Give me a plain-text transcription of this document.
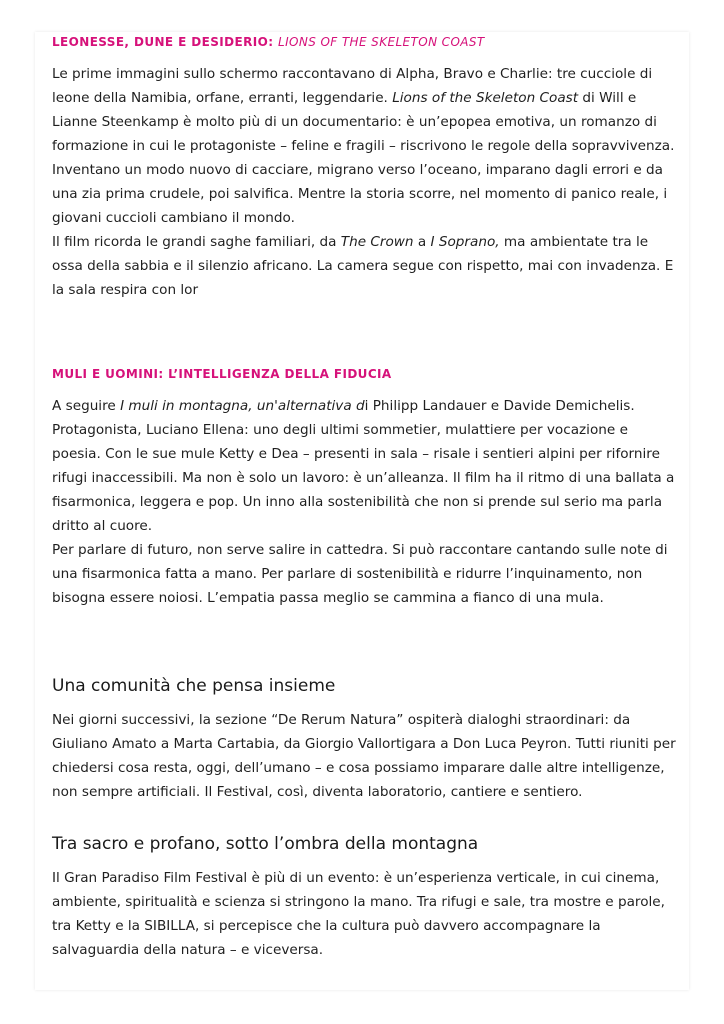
LEONESSE, DUNE E DESIDERIO: LIONS OF THE SKELETON COAST

Le prime immagini sullo schermo raccontavano di Alpha, Bravo e Charlie: tre cucciole di leone della Namibia, orfane, erranti, leggendarie. Lions of the Skeleton Coast di Will e Lianne Steenkamp è molto più di un documentario: è un’epopea emotiva, un romanzo di formazione in cui le protagoniste – feline e fragili – riscrivono le regole della sopravvivenza. Inventano un modo nuovo di cacciare, migrano verso l’oceano, imparano dagli errori e da una zia prima crudele, poi salvifica. Mentre la storia scorre, nel momento di panico reale, i giovani cuccioli cambiano il mondo.

Il film ricorda le grandi saghe familiari, da The Crown a I Soprano, ma ambientate tra le ossa della sabbia e il silenzio africano. La camera segue con rispetto, mai con invadenza. E la sala respira con lor

MULI E UOMINI: L’INTELLIGENZA DELLA FIDUCIA

A seguire I muli in montagna, un'alternativa di Philipp Landauer e Davide Demichelis. Protagonista, Luciano Ellena: uno degli ultimi sommetier, mulattiere per vocazione e poesia. Con le sue mule Ketty e Dea – presenti in sala – risale i sentieri alpini per rifornire rifugi inaccessibili. Ma non è solo un lavoro: è un’alleanza. Il film ha il ritmo di una ballata a fisarmonica, leggera e pop. Un inno alla sostenibilità che non si prende sul serio ma parla dritto al cuore.

Per parlare di futuro, non serve salire in cattedra. Si può raccontare cantando sulle note di una fisarmonica fatta a mano. Per parlare di sostenibilità e ridurre l’inquinamento, non bisogna essere noiosi. L’empatia passa meglio se cammina a fianco di una mula.

Una comunità che pensa insieme

Nei giorni successivi, la sezione “De Rerum Natura” ospiterà dialoghi straordinari: da Giuliano Amato a Marta Cartabia, da Giorgio Vallortigara a Don Luca Peyron. Tutti riuniti per chiedersi cosa resta, oggi, dell’umano – e cosa possiamo imparare dalle altre intelligenze, non sempre artificiali. Il Festival, così, diventa laboratorio, cantiere e sentiero.

Tra sacro e profano, sotto l’ombra della montagna

Il Gran Paradiso Film Festival è più di un evento: è un’esperienza verticale, in cui cinema, ambiente, spiritualità e scienza si stringono la mano. Tra rifugi e sale, tra mostre e parole, tra Ketty e la SIBILLA, si percepisce che la cultura può davvero accompagnare la salvaguardia della natura – e viceversa.
